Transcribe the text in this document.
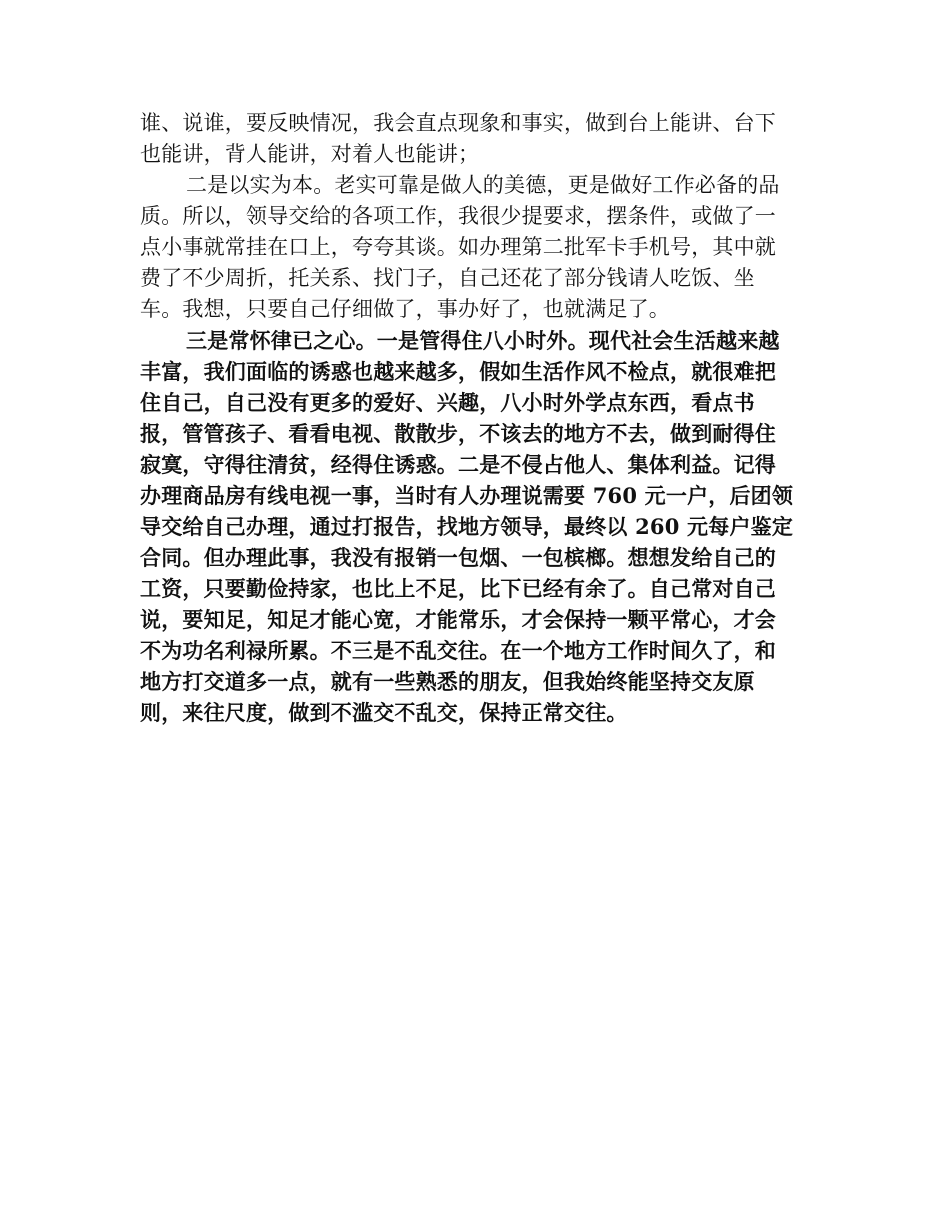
谁、说谁，要反映情况，我会直点现象和事实，做到台上能讲、台下
也能讲，背人能讲，对着人也能讲；
二是以实为本。老实可靠是做人的美德，更是做好工作必备的品
质。所以，领导交给的各项工作，我很少提要求，摆条件，或做了一
点小事就常挂在口上，夸夸其谈。如办理第二批军卡手机号，其中就
费了不少周折，托关系、找门子，自己还花了部分钱请人吃饭、坐
车。我想，只要自己仔细做了，事办好了，也就满足了。
三是常怀律已之心。一是管得住八小时外。现代社会生活越来越
丰富，我们面临的诱惑也越来越多，假如生活作风不检点，就很难把
住自己，自己没有更多的爱好、兴趣，八小时外学点东西，看点书
报，管管孩子、看看电视、散散步，不该去的地方不去，做到耐得住
寂寞，守得往清贫，经得住诱惑。二是不侵占他人、集体利益。记得
办理商品房有线电视一事，当时有人办理说需要 760 元一户，后团领
导交给自己办理，通过打报告，找地方领导，最终以 260 元每户鉴定
合同。但办理此事，我没有报销一包烟、一包槟榔。想想发给自己的
工资，只要勤俭持家，也比上不足，比下已经有余了。自己常对自己
说，要知足，知足才能心宽，才能常乐，才会保持一颗平常心，才会
不为功名利禄所累。不三是不乱交往。在一个地方工作时间久了，和
地方打交道多一点，就有一些熟悉的朋友，但我始终能坚持交友原
则，来往尺度，做到不滥交不乱交，保持正常交往。
